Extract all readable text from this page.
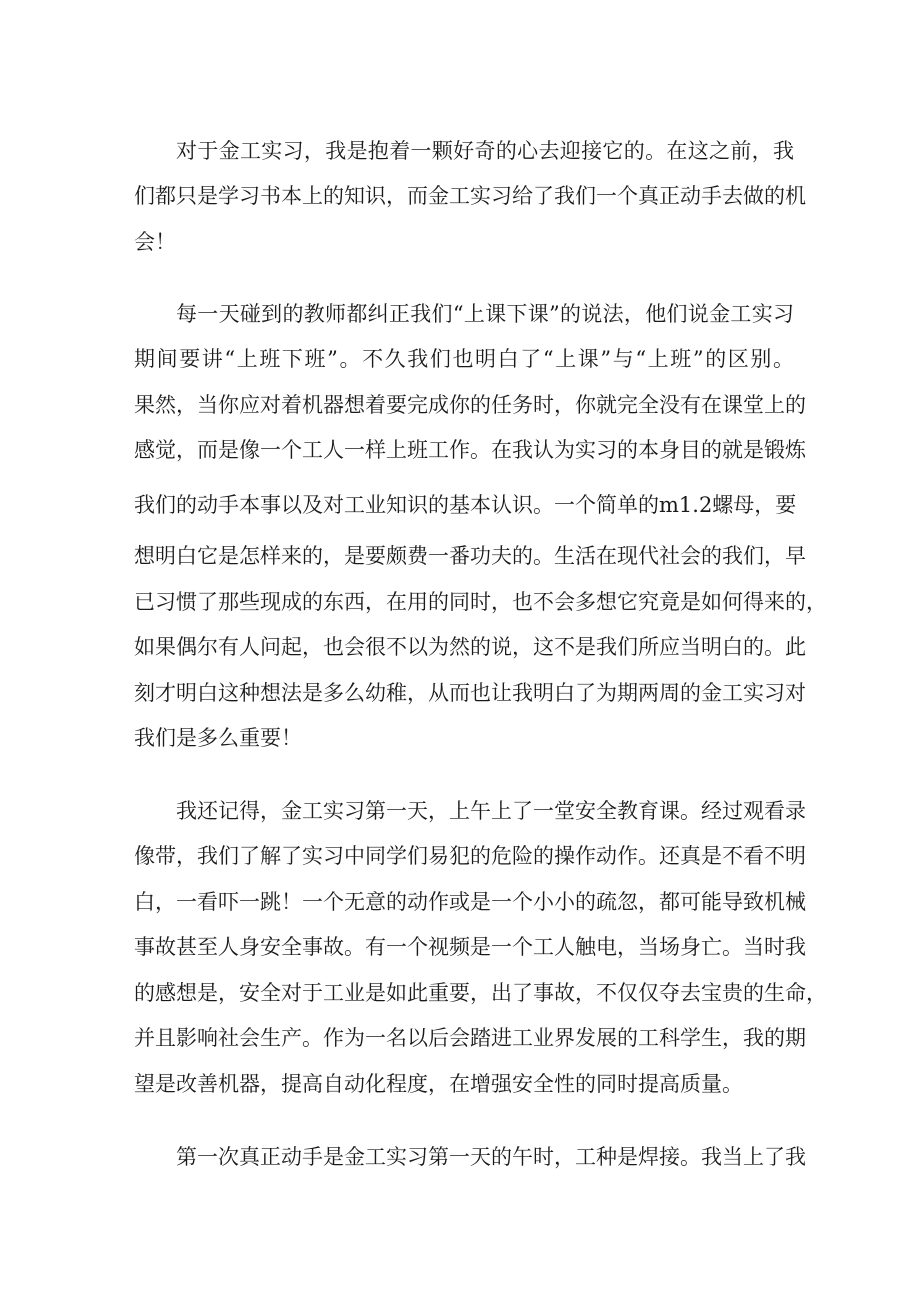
对于金工实习，我是抱着一颗好奇的心去迎接它的。在这之前，我
们都只是学习书本上的知识，而金工实习给了我们一个真正动手去做的机
会！
每一天碰到的教师都纠正我们“上课下课”的说法，他们说金工实习
期间要讲“上班下班”。不久我们也明白了“上课”与“上班”的区别。
果然，当你应对着机器想着要完成你的任务时，你就完全没有在课堂上的
感觉，而是像一个工人一样上班工作。在我认为实习的本身目的就是锻炼
我们的动手本事以及对工业知识的基本认识。一个简单的m1.2螺母，要
想明白它是怎样来的，是要颇费一番功夫的。生活在现代社会的我们，早
已习惯了那些现成的东西，在用的同时，也不会多想它究竟是如何得来的，
如果偶尔有人问起，也会很不以为然的说，这不是我们所应当明白的。此
刻才明白这种想法是多么幼稚，从而也让我明白了为期两周的金工实习对
我们是多么重要！
我还记得，金工实习第一天，上午上了一堂安全教育课。经过观看录
像带，我们了解了实习中同学们易犯的危险的操作动作。还真是不看不明
白，一看吓一跳！一个无意的动作或是一个小小的疏忽，都可能导致机械
事故甚至人身安全事故。有一个视频是一个工人触电，当场身亡。当时我
的感想是，安全对于工业是如此重要，出了事故，不仅仅夺去宝贵的生命，
并且影响社会生产。作为一名以后会踏进工业界发展的工科学生，我的期
望是改善机器，提高自动化程度，在增强安全性的同时提高质量。
第一次真正动手是金工实习第一天的午时，工种是焊接。我当上了我
